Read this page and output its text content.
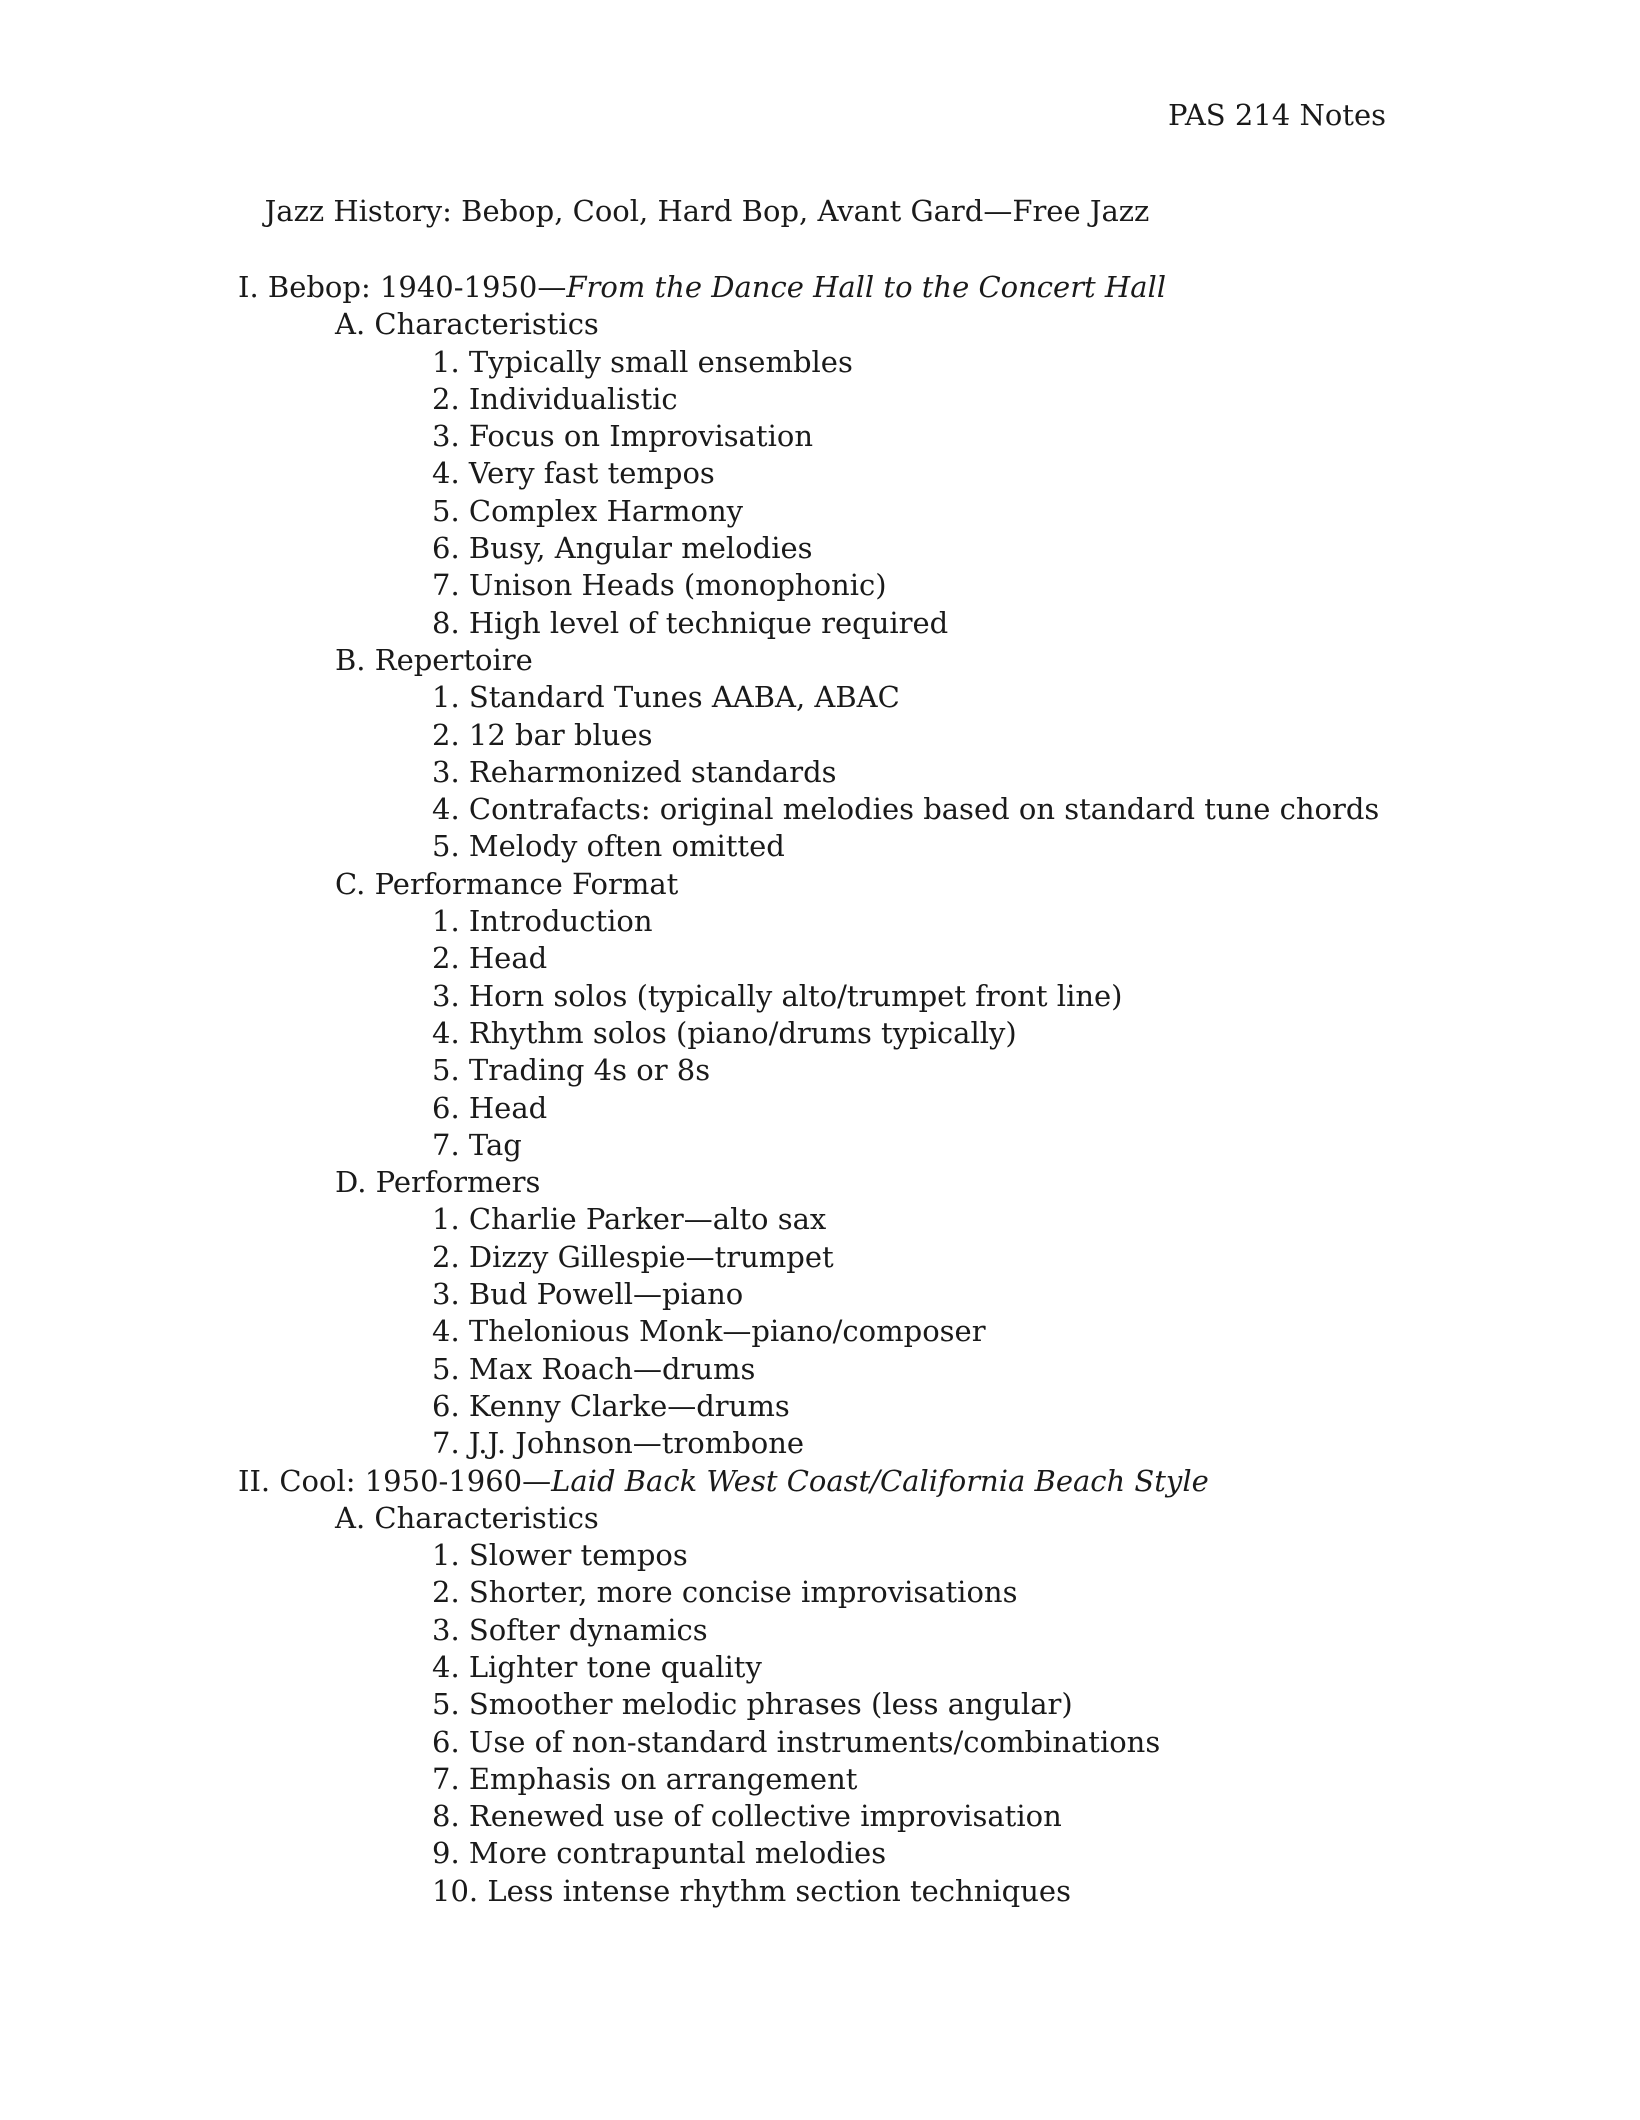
PAS 214 Notes
Jazz History: Bebop, Cool, Hard Bop, Avant Gard—Free Jazz
I. Bebop: 1940-1950—From the Dance Hall to the Concert Hall
A. Characteristics
1. Typically small ensembles
2. Individualistic
3. Focus on Improvisation
4. Very fast tempos
5. Complex Harmony
6. Busy, Angular melodies
7. Unison Heads (monophonic)
8. High level of technique required
B. Repertoire
1. Standard Tunes AABA, ABAC
2. 12 bar blues
3. Reharmonized standards
4. Contrafacts: original melodies based on standard tune chords
5. Melody often omitted
C. Performance Format
1. Introduction
2. Head
3. Horn solos (typically alto/trumpet front line)
4. Rhythm solos (piano/drums typically)
5. Trading 4s or 8s
6. Head
7. Tag
D. Performers
1. Charlie Parker—alto sax
2. Dizzy Gillespie—trumpet
3. Bud Powell—piano
4. Thelonious Monk—piano/composer
5. Max Roach—drums
6. Kenny Clarke—drums
7. J.J. Johnson—trombone
II. Cool: 1950-1960—Laid Back West Coast/California Beach Style
A. Characteristics
1. Slower tempos
2. Shorter, more concise improvisations
3. Softer dynamics
4. Lighter tone quality
5. Smoother melodic phrases (less angular)
6. Use of non-standard instruments/combinations
7. Emphasis on arrangement
8. Renewed use of collective improvisation
9. More contrapuntal melodies
10. Less intense rhythm section techniques
